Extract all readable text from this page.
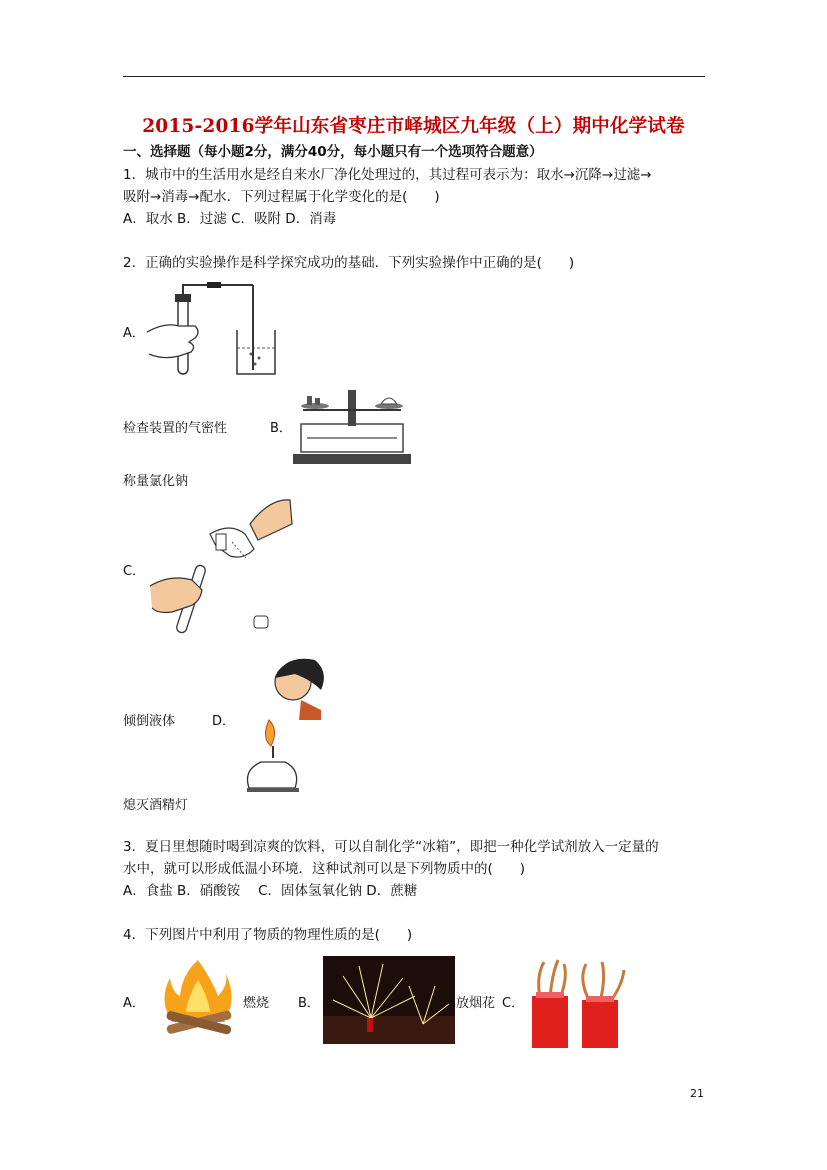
2015-2016学年山东省枣庄市峄城区九年级（上）期中化学试卷
一、选择题（每小题2分，满分40分，每小题只有一个选项符合题意）
1．城市中的生活用水是经自来水厂净化处理过的，其过程可表示为：取水→沉降→过滤→
吸附→消毒→配水．下列过程属于化学变化的是(　　)
A．取水 B．过滤 C．吸附 D．消毒
2．正确的实验操作是科学探究成功的基础．下列实验操作中正确的是(　　)
A．
检查装置的气密性	B．
称量氯化钠
C．
倾倒液体	D．
熄灭酒精灯
3．夏日里想随时喝到凉爽的饮料，可以自制化学“冰箱”，即把一种化学试剂放入一定量的
水中，就可以形成低温小环境．这种试剂可以是下列物质中的(　　)
A．食盐 B．硝酸铵　 C．固体氢氧化钠 D．蔗糖
4．下列图片中利用了物质的物理性质的是(　　)
A．	燃烧 B．	放烟花 C．
21
